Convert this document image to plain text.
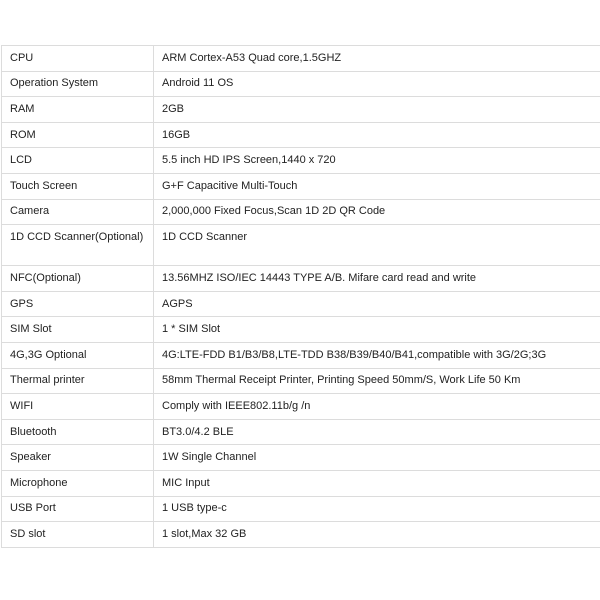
CPU	ARM Cortex-A53 Quad core,1.5GHZ
Operation System	Android 11 OS
RAM	2GB
ROM	16GB
LCD	5.5 inch HD IPS Screen,1440 x 720
Touch Screen	G+F Capacitive Multi-Touch
Camera	2,000,000 Fixed Focus,Scan 1D 2D QR Code
1D CCD Scanner(Optional)	1D CCD Scanner
NFC(Optional)	13.56MHZ ISO/IEC 14443 TYPE A/B. Mifare card read and write
GPS	AGPS
SIM Slot	1 * SIM Slot
4G,3G Optional	4G:LTE-FDD B1/B3/B8,LTE-TDD B38/B39/B40/B41,compatible with 3G/2G;3G
Thermal printer	58mm Thermal Receipt Printer, Printing Speed 50mm/S, Work Life 50 Km
WIFI	Comply with IEEE802.11b/g /n
Bluetooth	BT3.0/4.2 BLE
Speaker	1W Single Channel
Microphone	MIC Input
USB Port	1 USB type-c
SD slot	1 slot,Max 32 GB
